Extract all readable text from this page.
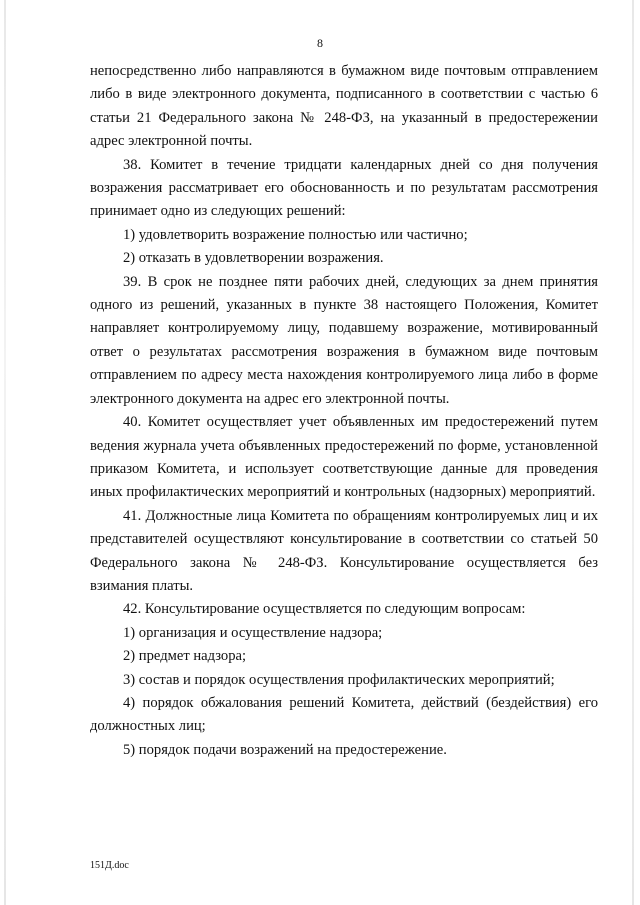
8

непосредственно либо направляются в бумажном виде почтовым отправлением либо в виде электронного документа, подписанного в соответствии с частью 6 статьи 21 Федерального закона № 248-ФЗ, на указанный в предостережении адрес электронной почты.

38. Комитет в течение тридцати календарных дней со дня получения возражения рассматривает его обоснованность и по результатам рассмотрения принимает одно из следующих решений:

1) удовлетворить возражение полностью или частично;

2) отказать в удовлетворении возражения.

39. В срок не позднее пяти рабочих дней, следующих за днем принятия одного из решений, указанных в пункте 38 настоящего Положения, Комитет направляет контролируемому лицу, подавшему возражение, мотивированный ответ о результатах рассмотрения возражения в бумажном виде почтовым отправлением по адресу места нахождения контролируемого лица либо в форме электронного документа на адрес его электронной почты.

40. Комитет осуществляет учет объявленных им предостережений путем ведения журнала учета объявленных предостережений по форме, установленной приказом Комитета, и использует соответствующие данные для проведения иных профилактических мероприятий и контрольных (надзорных) мероприятий.

41. Должностные лица Комитета по обращениям контролируемых лиц и их представителей осуществляют консультирование в соответствии со статьей 50 Федерального закона № 248-ФЗ. Консультирование осуществляется без взимания платы.

42. Консультирование осуществляется по следующим вопросам:

1) организация и осуществление надзора;

2) предмет надзора;

3) состав и порядок осуществления профилактических мероприятий;

4) порядок обжалования решений Комитета, действий (бездействия) его должностных лиц;

5) порядок подачи возражений на предостережение.

151Д.doc
